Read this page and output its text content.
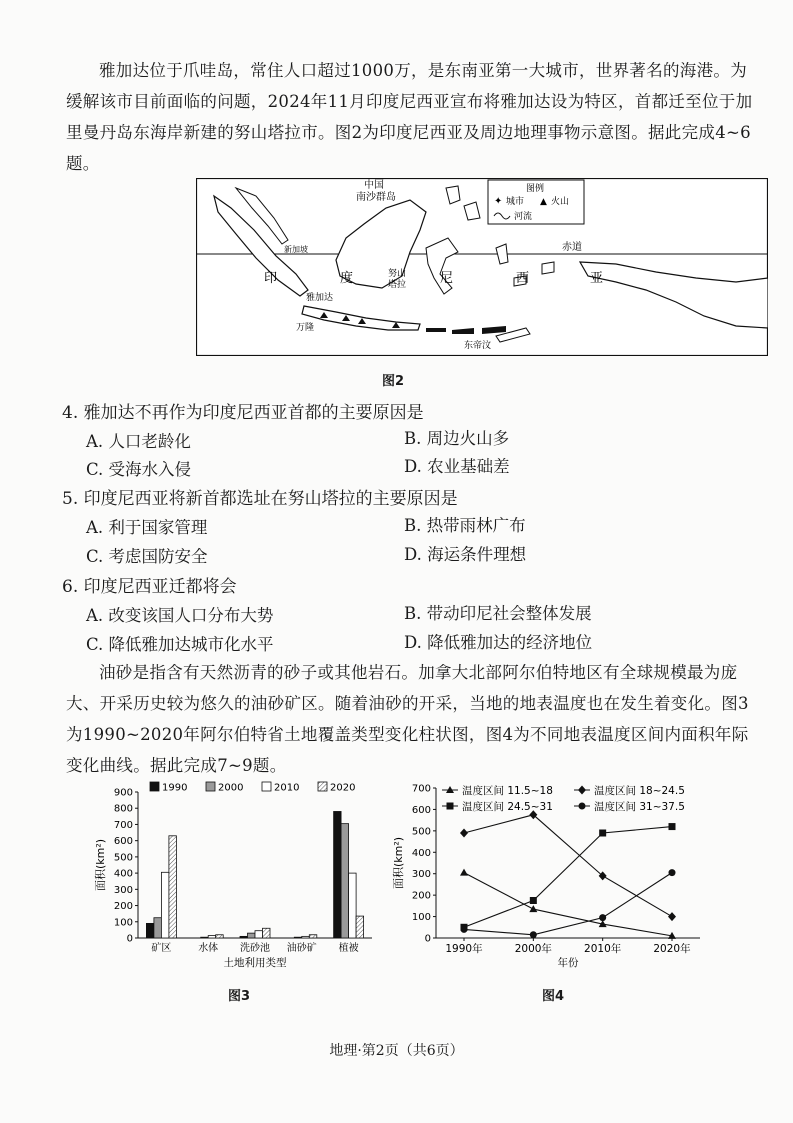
雅加达位于爪哇岛，常住人口超过1000万，是东南亚第一大城市，世界著名的海港。为缓解该市目前面临的问题，2024年11月印度尼西亚宣布将雅加达设为特区，首都迁至位于加里曼丹岛东海岸新建的努山塔拉市。图2为印度尼西亚及周边地理事物示意图。据此完成4~6题。
赤道
图例
✦ 城市 ▲ 火山
河流
中国
南沙群岛
新加坡
雅加达
万隆
努山
塔拉
东帝汶
印	度	尼	西	亚
图2
4. 雅加达不再作为印度尼西亚首都的主要原因是
A. 人口老龄化	B. 周边火山多
C. 受海水入侵	D. 农业基础差
5. 印度尼西亚将新首都选址在努山塔拉的主要原因是
A. 利于国家管理	B. 热带雨林广布
C. 考虑国防安全	D. 海运条件理想
6. 印度尼西亚迁都将会
A. 改变该国人口分布大势	B. 带动印尼社会整体发展
C. 降低雅加达城市化水平	D. 降低雅加达的经济地位
油砂是指含有天然沥青的砂子或其他岩石。加拿大北部阿尔伯特地区有全球规模最为庞大、开采历史较为悠久的油砂矿区。随着油砂的开采，当地的地表温度也在发生着变化。图3为1990~2020年阿尔伯特省土地覆盖类型变化柱状图，图4为不同地表温度区间内面积年际变化曲线。据此完成7~9题。
0
100
200
300
400
500
600
700
800
900
面积(km²)
矿区	水体 洗砂池 油砂矿 植被
土地利用类型
1990	2000	2010	2020
图3
0
100
200
300
400
500
600
700
面积(km²)
1990年	2000年	2010年	2020年
年份
温度区间 11.5~18	温度区间 18~24.5
温度区间 24.5~31	温度区间 31~37.5
图4
地理·第2页（共6页）
